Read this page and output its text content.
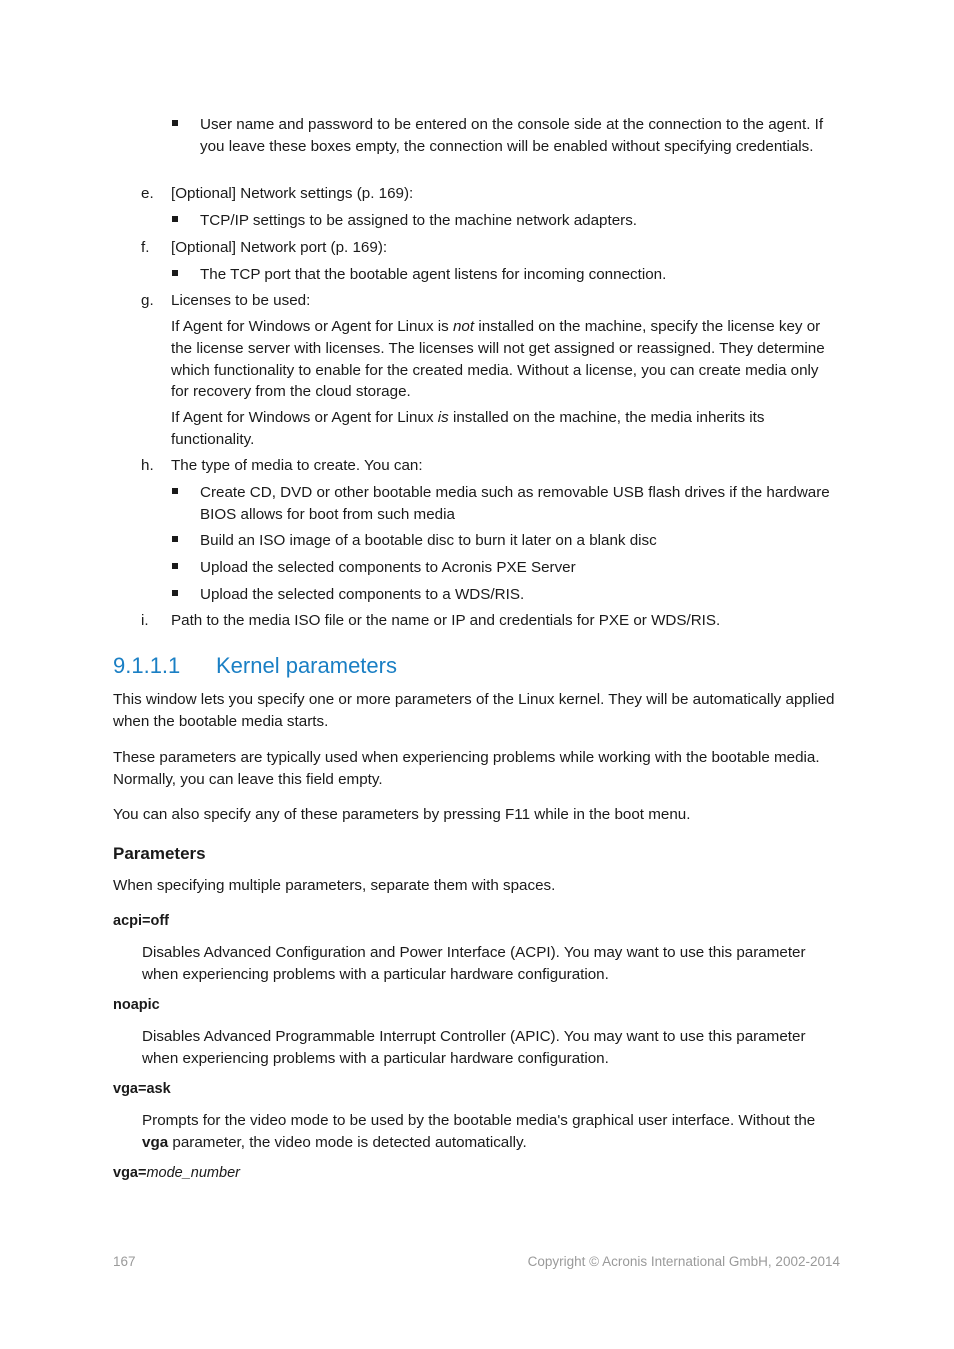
User name and password to be entered on the console side at the connection to the agent. If you leave these boxes empty, the connection will be enabled without specifying credentials.

e. [Optional] Network settings (p. 169):

TCP/IP settings to be assigned to the machine network adapters.

f. [Optional] Network port (p. 169):

The TCP port that the bootable agent listens for incoming connection.

g. Licenses to be used:

If Agent for Windows or Agent for Linux is not installed on the machine, specify the license key or the license server with licenses. The licenses will not get assigned or reassigned. They determine which functionality to enable for the created media. Without a license, you can create media only for recovery from the cloud storage.

If Agent for Windows or Agent for Linux is installed on the machine, the media inherits its functionality.

h. The type of media to create. You can:

Create CD, DVD or other bootable media such as removable USB flash drives if the hardware BIOS allows for boot from such media

Build an ISO image of a bootable disc to burn it later on a blank disc

Upload the selected components to Acronis PXE Server

Upload the selected components to a WDS/RIS.

i. Path to the media ISO file or the name or IP and credentials for PXE or WDS/RIS.

9.1.1.1 Kernel parameters

This window lets you specify one or more parameters of the Linux kernel. They will be automatically applied when the bootable media starts.

These parameters are typically used when experiencing problems while working with the bootable media. Normally, you can leave this field empty.

You can also specify any of these parameters by pressing F11 while in the boot menu.

Parameters

When specifying multiple parameters, separate them with spaces.

acpi=off

Disables Advanced Configuration and Power Interface (ACPI). You may want to use this parameter when experiencing problems with a particular hardware configuration.

noapic

Disables Advanced Programmable Interrupt Controller (APIC). You may want to use this parameter when experiencing problems with a particular hardware configuration.

vga=ask

Prompts for the video mode to be used by the bootable media's graphical user interface. Without the vga parameter, the video mode is detected automatically.

vga=mode_number
167	Copyright © Acronis International GmbH, 2002-2014
